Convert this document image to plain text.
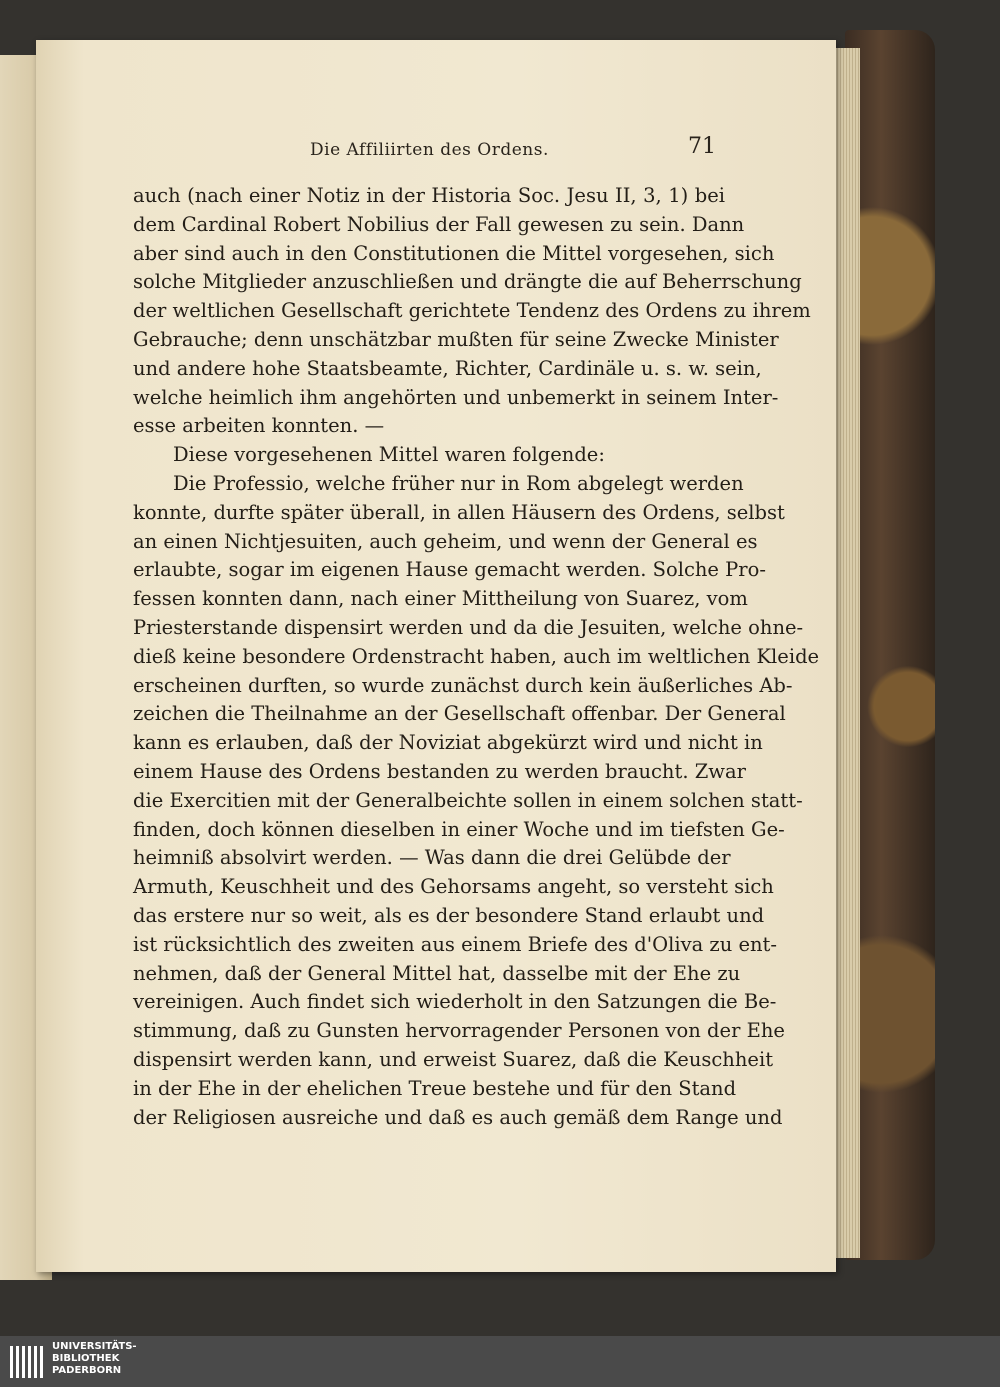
Die Affiliirten des Ordens.	71
auch (nach einer Notiz in der Historia Soc. Jesu II, 3, 1) bei
dem Cardinal Robert Nobilius der Fall gewesen zu sein. Dann
aber sind auch in den Constitutionen die Mittel vorgesehen, sich
solche Mitglieder anzuschließen und drängte die auf Beherrschung
der weltlichen Gesellschaft gerichtete Tendenz des Ordens zu ihrem
Gebrauche; denn unschätzbar mußten für seine Zwecke Minister
und andere hohe Staatsbeamte, Richter, Cardinäle u. s. w. sein,
welche heimlich ihm angehörten und unbemerkt in seinem Inter-
esse arbeiten konnten. —
Diese vorgesehenen Mittel waren folgende:
Die Professio, welche früher nur in Rom abgelegt werden
konnte, durfte später überall, in allen Häusern des Ordens, selbst
an einen Nichtjesuiten, auch geheim, und wenn der General es
erlaubte, sogar im eigenen Hause gemacht werden. Solche Pro-
fessen konnten dann, nach einer Mittheilung von Suarez, vom
Priesterstande dispensirt werden und da die Jesuiten, welche ohne-
dieß keine besondere Ordenstracht haben, auch im weltlichen Kleide
erscheinen durften, so wurde zunächst durch kein äußerliches Ab-
zeichen die Theilnahme an der Gesellschaft offenbar. Der General
kann es erlauben, daß der Noviziat abgekürzt wird und nicht in
einem Hause des Ordens bestanden zu werden braucht. Zwar
die Exercitien mit der Generalbeichte sollen in einem solchen statt-
finden, doch können dieselben in einer Woche und im tiefsten Ge-
heimniß absolvirt werden. — Was dann die drei Gelübde der
Armuth, Keuschheit und des Gehorsams angeht, so versteht sich
das erstere nur so weit, als es der besondere Stand erlaubt und
ist rücksichtlich des zweiten aus einem Briefe des d'Oliva zu ent-
nehmen, daß der General Mittel hat, dasselbe mit der Ehe zu
vereinigen. Auch findet sich wiederholt in den Satzungen die Be-
stimmung, daß zu Gunsten hervorragender Personen von der Ehe
dispensirt werden kann, und erweist Suarez, daß die Keuschheit
in der Ehe in der ehelichen Treue bestehe und für den Stand
der Religiosen ausreiche und daß es auch gemäß dem Range und
UNIVERSITÄTS-
BIBLIOTHEK
PADERBORN
